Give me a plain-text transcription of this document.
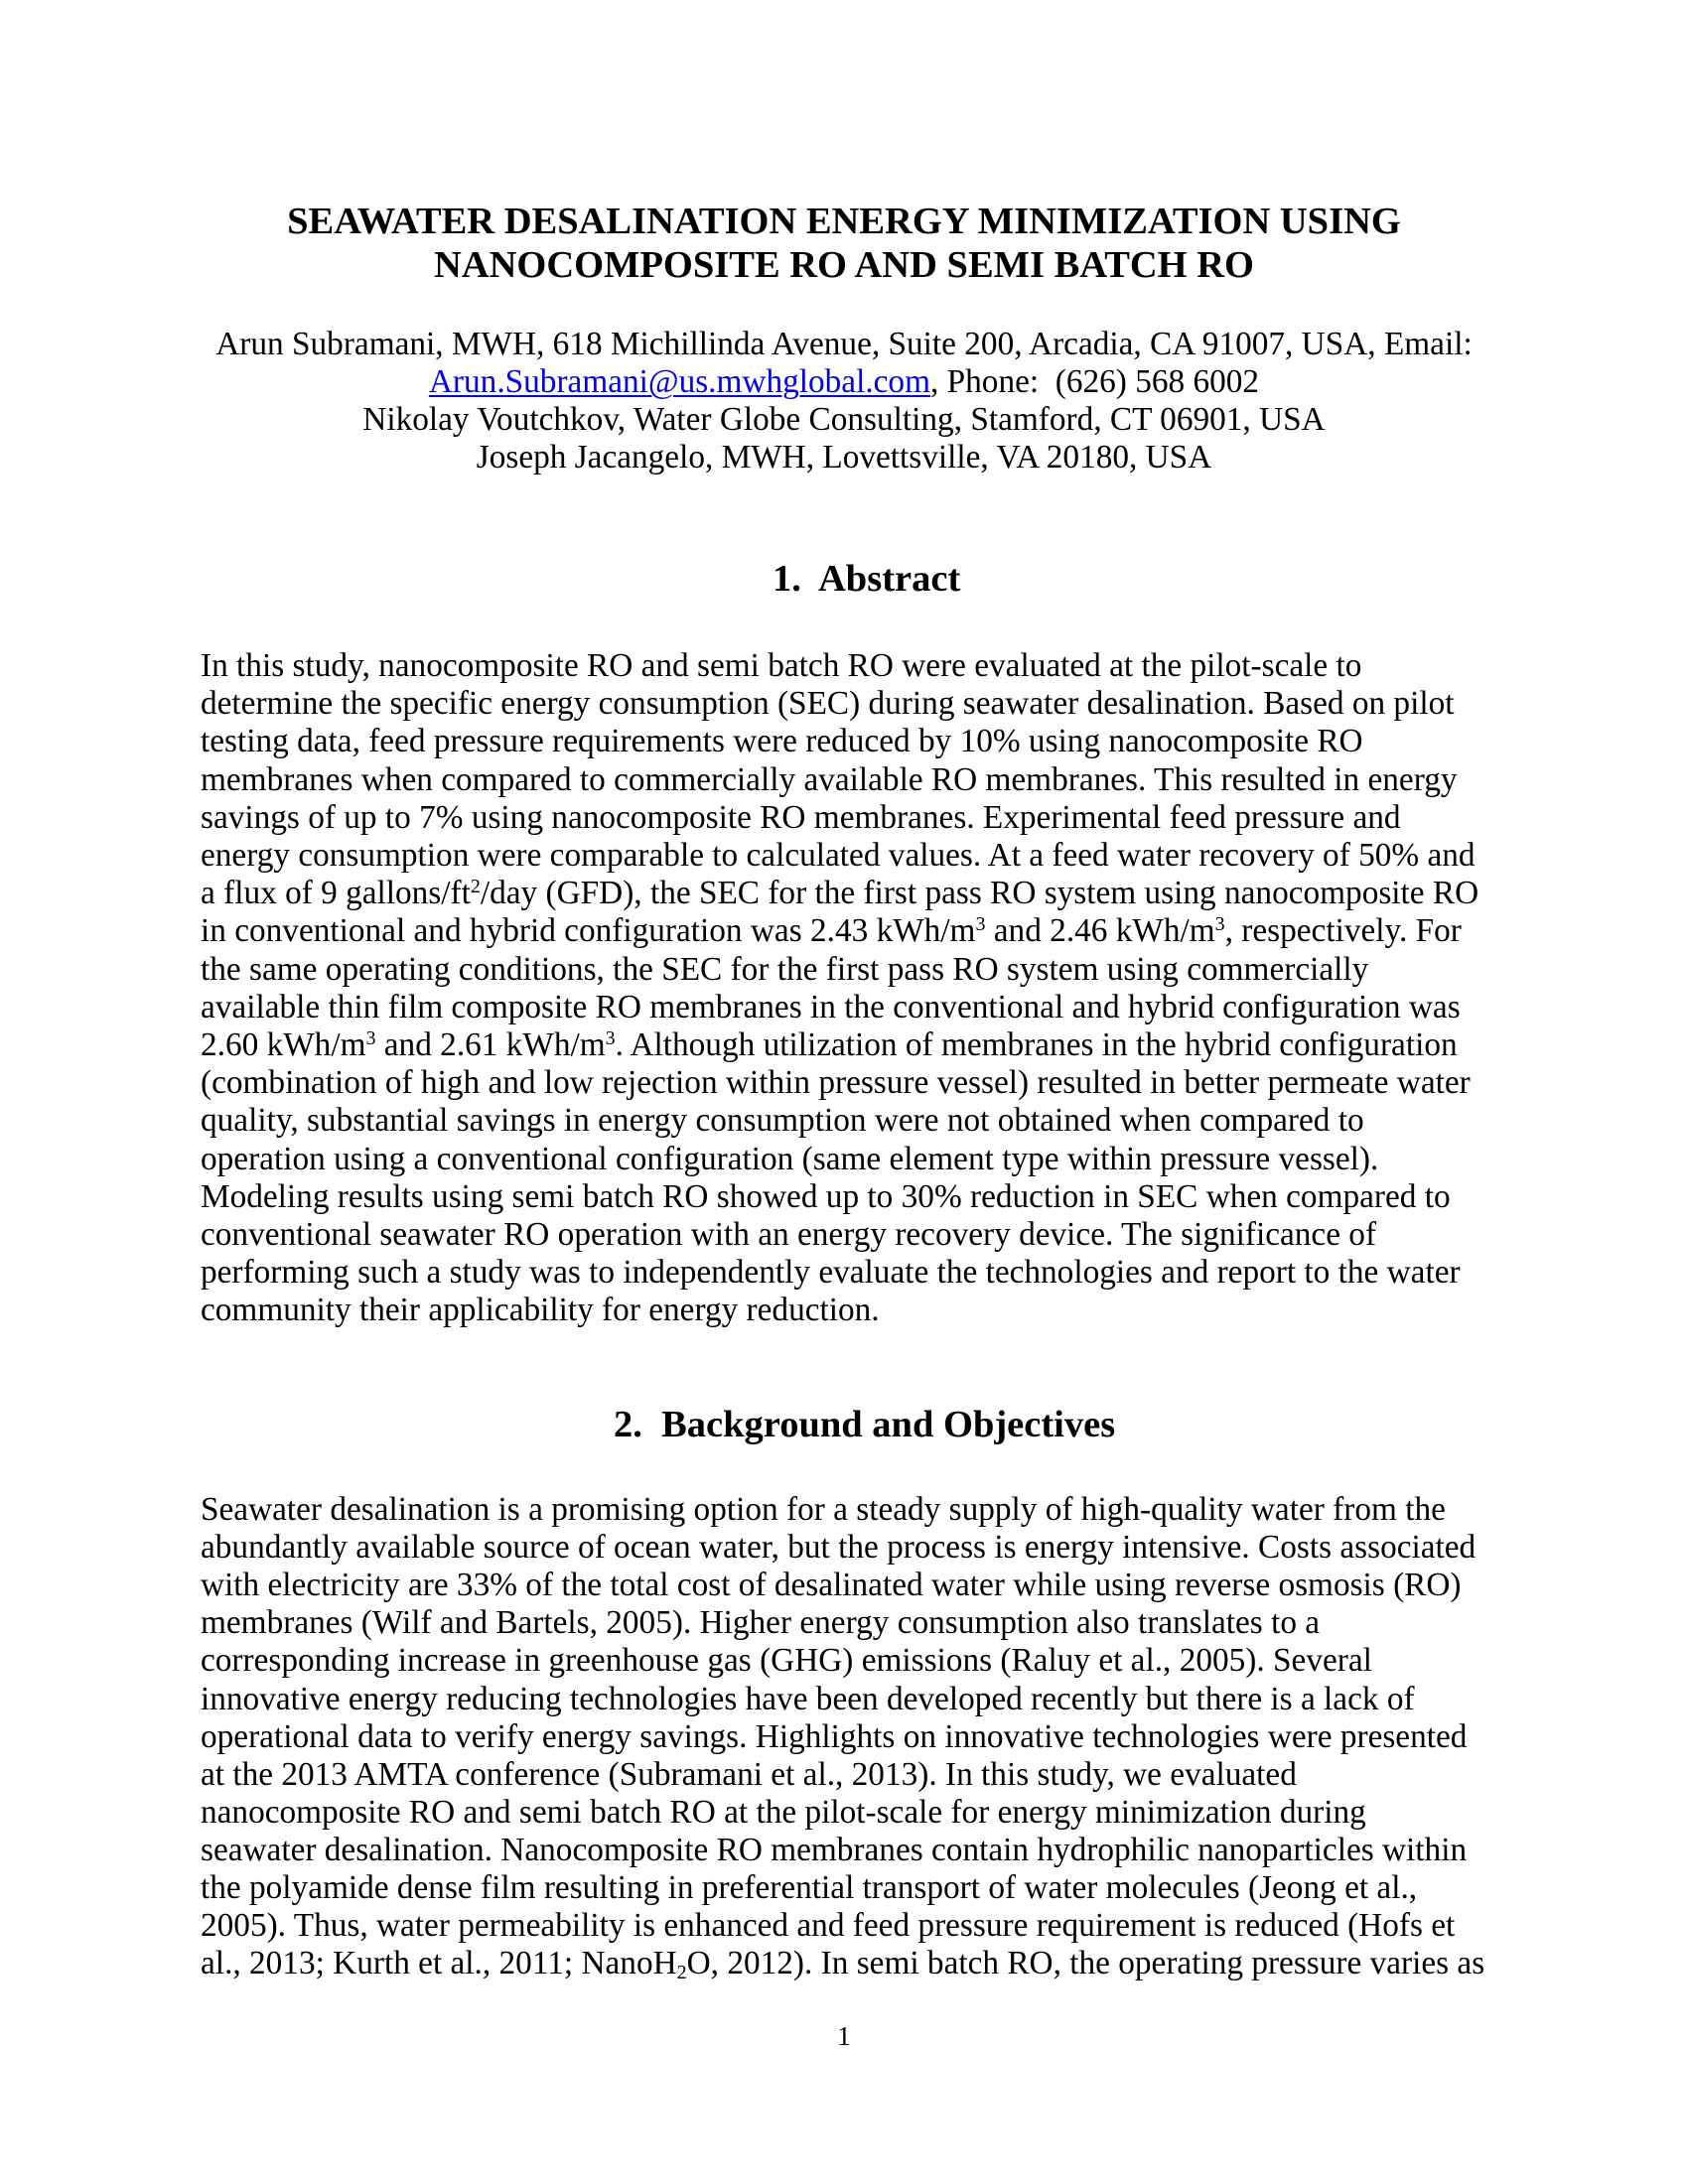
SEAWATER DESALINATION ENERGY MINIMIZATION USING
NANOCOMPOSITE RO AND SEMI BATCH RO
Arun Subramani, MWH, 618 Michillinda Avenue, Suite 200, Arcadia, CA 91007, USA, Email:
Arun.Subramani@us.mwhglobal.com, Phone:  (626) 568 6002
Nikolay Voutchkov, Water Globe Consulting, Stamford, CT 06901, USA
Joseph Jacangelo, MWH, Lovettsville, VA 20180, USA
1.  Abstract
In this study, nanocomposite RO and semi batch RO were evaluated at the pilot-scale to
determine the specific energy consumption (SEC) during seawater desalination. Based on pilot
testing data, feed pressure requirements were reduced by 10% using nanocomposite RO
membranes when compared to commercially available RO membranes. This resulted in energy
savings of up to 7% using nanocomposite RO membranes. Experimental feed pressure and
energy consumption were comparable to calculated values. At a feed water recovery of 50% and
a flux of 9 gallons/$ft^2$/day (GFD), the SEC for the first pass RO system using nanocomposite RO
in conventional and hybrid configuration was 2.43 kWh/$m^3$ and 2.46 kWh/$m^3$, respectively. For
the same operating conditions, the SEC for the first pass RO system using commercially
available thin film composite RO membranes in the conventional and hybrid configuration was
2.60 kWh/$m^3$ and 2.61 kWh/$m^3$. Although utilization of membranes in the hybrid configuration
(combination of high and low rejection within pressure vessel) resulted in better permeate water
quality, substantial savings in energy consumption were not obtained when compared to
operation using a conventional configuration (same element type within pressure vessel).
Modeling results using semi batch RO showed up to 30% reduction in SEC when compared to
conventional seawater RO operation with an energy recovery device. The significance of
performing such a study was to independently evaluate the technologies and report to the water
community their applicability for energy reduction.
2.  Background and Objectives
Seawater desalination is a promising option for a steady supply of high-quality water from the
abundantly available source of ocean water, but the process is energy intensive. Costs associated
with electricity are 33% of the total cost of desalinated water while using reverse osmosis (RO)
membranes (Wilf and Bartels, 2005). Higher energy consumption also translates to a
corresponding increase in greenhouse gas (GHG) emissions (Raluy et al., 2005). Several
innovative energy reducing technologies have been developed recently but there is a lack of
operational data to verify energy savings. Highlights on innovative technologies were presented
at the 2013 AMTA conference (Subramani et al., 2013). In this study, we evaluated
nanocomposite RO and semi batch RO at the pilot-scale for energy minimization during
seawater desalination. Nanocomposite RO membranes contain hydrophilic nanoparticles within
the polyamide dense film resulting in preferential transport of water molecules (Jeong et al.,
2005). Thus, water permeability is enhanced and feed pressure requirement is reduced (Hofs et
al., 2013; Kurth et al., 2011; NanoH$_2$O, 2012). In semi batch RO, the operating pressure varies as
1
